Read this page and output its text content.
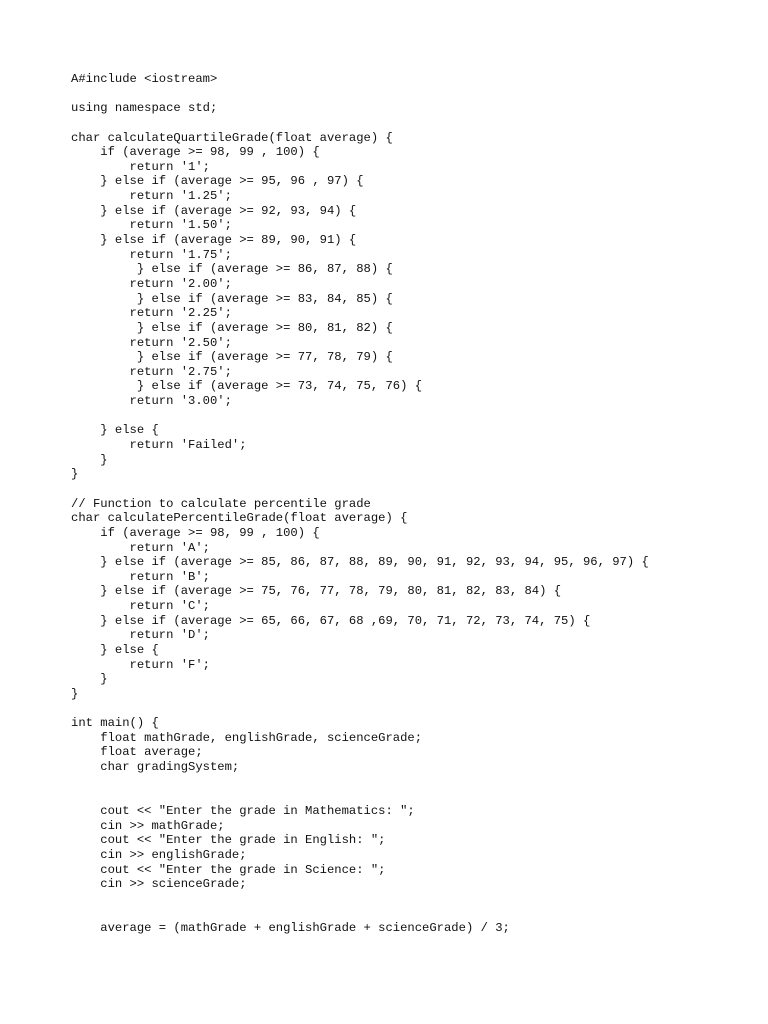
A#include <iostream>
using namespace std;
char calculateQuartileGrade(float average) {
if (average >= 98, 99 , 100) {
return '1';
} else if (average >= 95, 96 , 97) {
return '1.25';
} else if (average >= 92, 93, 94) {
return '1.50';
} else if (average >= 89, 90, 91) {
return '1.75';
} else if (average >= 86, 87, 88) {
return '2.00';
} else if (average >= 83, 84, 85) {
return '2.25';
} else if (average >= 80, 81, 82) {
return '2.50';
} else if (average >= 77, 78, 79) {
return '2.75';
} else if (average >= 73, 74, 75, 76) {
return '3.00';
} else {
return 'Failed';
}
}
// Function to calculate percentile grade
char calculatePercentileGrade(float average) {
if (average >= 98, 99 , 100) {
return 'A';
} else if (average >= 85, 86, 87, 88, 89, 90, 91, 92, 93, 94, 95, 96, 97) {
return 'B';
} else if (average >= 75, 76, 77, 78, 79, 80, 81, 82, 83, 84) {
return 'C';
} else if (average >= 65, 66, 67, 68 ,69, 70, 71, 72, 73, 74, 75) {
return 'D';
} else {
return 'F';
}
}
int main() {
float mathGrade, englishGrade, scienceGrade;
float average;
char gradingSystem;
cout << "Enter the grade in Mathematics: ";
cin >> mathGrade;
cout << "Enter the grade in English: ";
cin >> englishGrade;
cout << "Enter the grade in Science: ";
cin >> scienceGrade;
average = (mathGrade + englishGrade + scienceGrade) / 3;
